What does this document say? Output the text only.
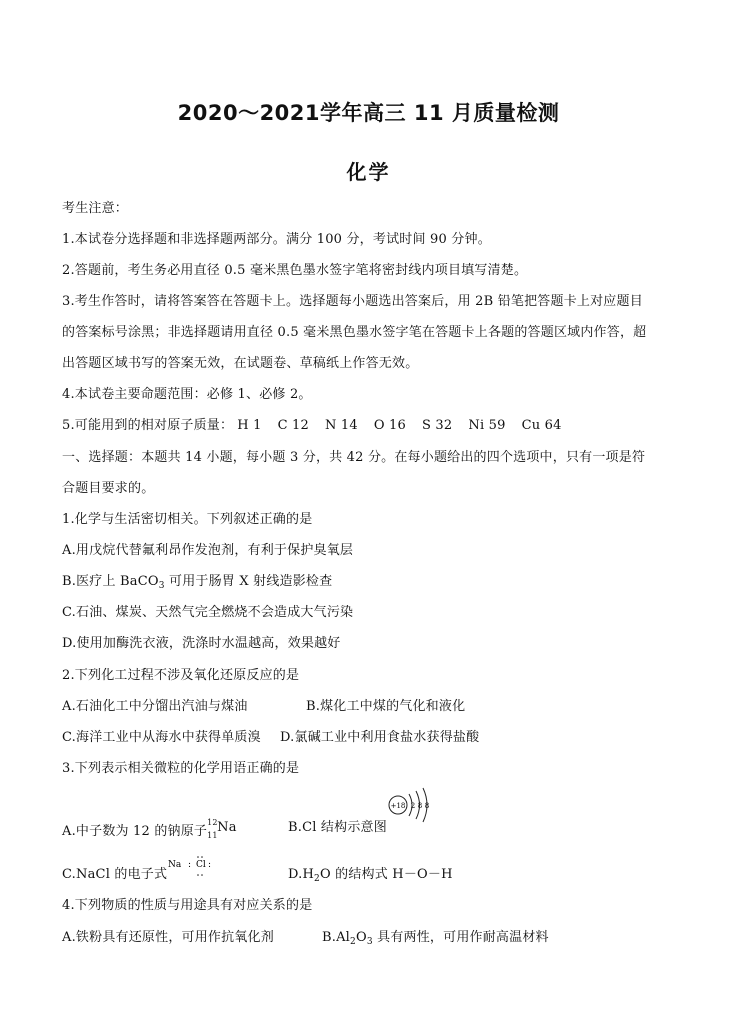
2020～2021学年高三 11 月质量检测
化学
考生注意：
1.本试卷分选择题和非选择题两部分。满分 100 分，考试时间 90 分钟。
2.答题前，考生务必用直径 0.5 毫米黑色墨水签字笔将密封线内项目填写清楚。
3.考生作答时，请将答案答在答题卡上。选择题每小题选出答案后，用 2B 铅笔把答题卡上对应题目
的答案标号涂黑；非选择题请用直径 0.5 毫米黑色墨水签字笔在答题卡上各题的答题区域内作答，超
出答题区域书写的答案无效，在试题卷、草稿纸上作答无效。
4.本试卷主要命题范围：必修 1、必修 2。
5.可能用到的相对原子质量： H 1 C 12 N 14 O 16 S 32 Ni 59 Cu 64
一、选择题：本题共 14 小题，每小题 3 分，共 42 分。在每小题给出的四个选项中，只有一项是符
合题目要求的。
1.化学与生活密切相关。下列叙述正确的是
A.用戊烷代替氟利昂作发泡剂，有利于保护臭氧层
B.医疗上 BaCO$_3$ 可用于肠胃 X 射线造影检查
C.石油、煤炭、天然气完全燃烧不会造成大气污染
D.使用加酶洗衣液，洗涤时水温越高，效果越好
2.下列化工过程不涉及氧化还原反应的是
A.石油化工中分馏出汽油与煤油	B.煤化工中煤的气化和液化
C.海洋工业中从海水中获得单质溴 D.氯碱工业中利用食盐水获得盐酸
3.下列表示相关微粒的化学用语正确的是
A.中子数为 12 的钠原子
12
11
Na	B.Cl 结构示意图
+18 2 8 8
C.NaCl 的电子式	$D.H_2O$ 的结构式 H－O－H
Na : Cl :
4.下列物质的性质与用途具有对应关系的是
A.铁粉具有还原性，可用作抗氧化剂	$B.Al_2O_3$ 具有两性，可用作耐高温材料
